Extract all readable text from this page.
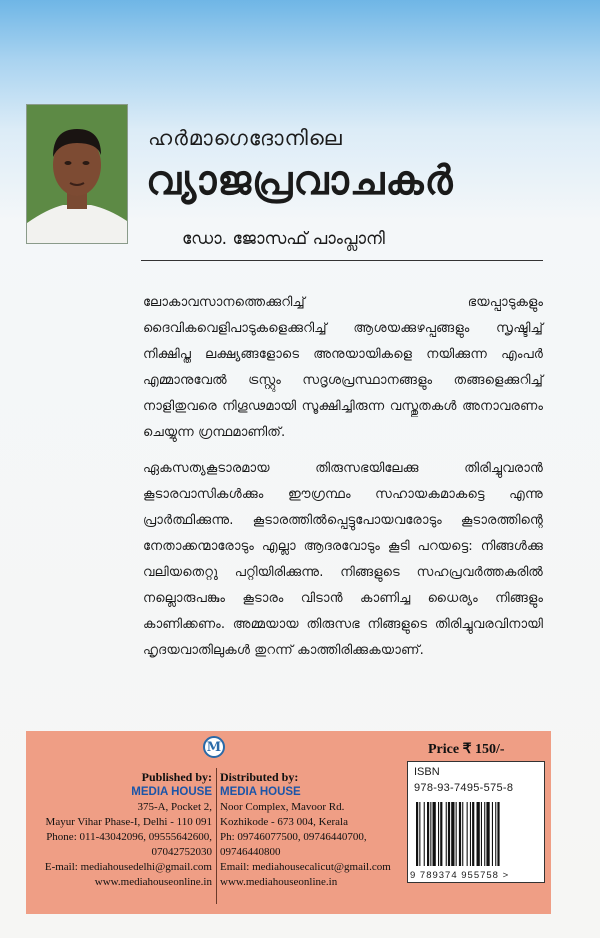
ഹർമാഗെദോനിലെ
വ്യാജപ്രവാചകർ
ഡോ. ജോസഫ് പാംപ്ലാനി

ലോകാവസാനത്തെക്കുറിച്ച് ഭയപ്പാടുകളും ദൈവികവെളിപാടുകളെക്കുറിച്ച് ആശയക്കുഴപ്പങ്ങളും സൃഷ്ടിച്ച് നിക്ഷിപ്ത ലക്ഷ്യങ്ങളോടെ അനുയായികളെ നയിക്കുന്ന എംപർ എമ്മാനുവേൽ ട്രസ്റ്റും സദൃശപ്രസ്ഥാനങ്ങളും തങ്ങളെക്കുറിച്ച് നാളിതുവരെ നിഗൂഢമായി സൂക്ഷിച്ചിരുന്ന വസ്തുതകൾ അനാവരണം ചെയ്യുന്ന ഗ്രന്ഥമാണിത്.

ഏകസത്യകൂടാരമായ തിരുസഭയിലേക്കു തിരിച്ചുവരാൻ കൂടാരവാസികൾക്കും ഈഗ്രന്ഥം സഹായകമാകട്ടെ എന്നു പ്രാർത്ഥിക്കുന്നു. കൂടാരത്തിൽപ്പെട്ടുപോയവരോടും കൂടാരത്തിന്റെ നേതാക്കന്മാരോടും എല്ലാ ആദരവോടും കൂടി പറയട്ടെ: നിങ്ങൾക്കു വലിയതെറ്റു പറ്റിയിരിക്കുന്നു. നിങ്ങളുടെ സഹപ്രവർത്തകരിൽ നല്ലൊരുപങ്കും കൂടാരം വിടാൻ കാണിച്ച ധൈര്യം നിങ്ങളും കാണിക്കണം. അമ്മയായ തിരുസഭ നിങ്ങളുടെ തിരിച്ചുവരവിനായി ഹൃദയവാതിലുകൾ തുറന്ന് കാത്തിരിക്കുകയാണ്.

M	Price ₹ 150/-
Published by:
MEDIA HOUSE
375-A, Pocket 2,
Mayur Vihar Phase-I, Delhi - 110 091
Phone: 011-43042096, 09555642600,
07042752030
E-mail: mediahousedelhi@gmail.com
www.mediahouseonline.in
Distributed by:
MEDIA HOUSE
Noor Complex, Mavoor Rd.
Kozhikode - 673 004, Kerala
Ph: 09746077500, 09746440700,
09746440800
Email: mediahousecalicut@gmail.com
www.mediahouseonline.in
ISBN
978-93-7495-575-8
9 789374 955758 >
